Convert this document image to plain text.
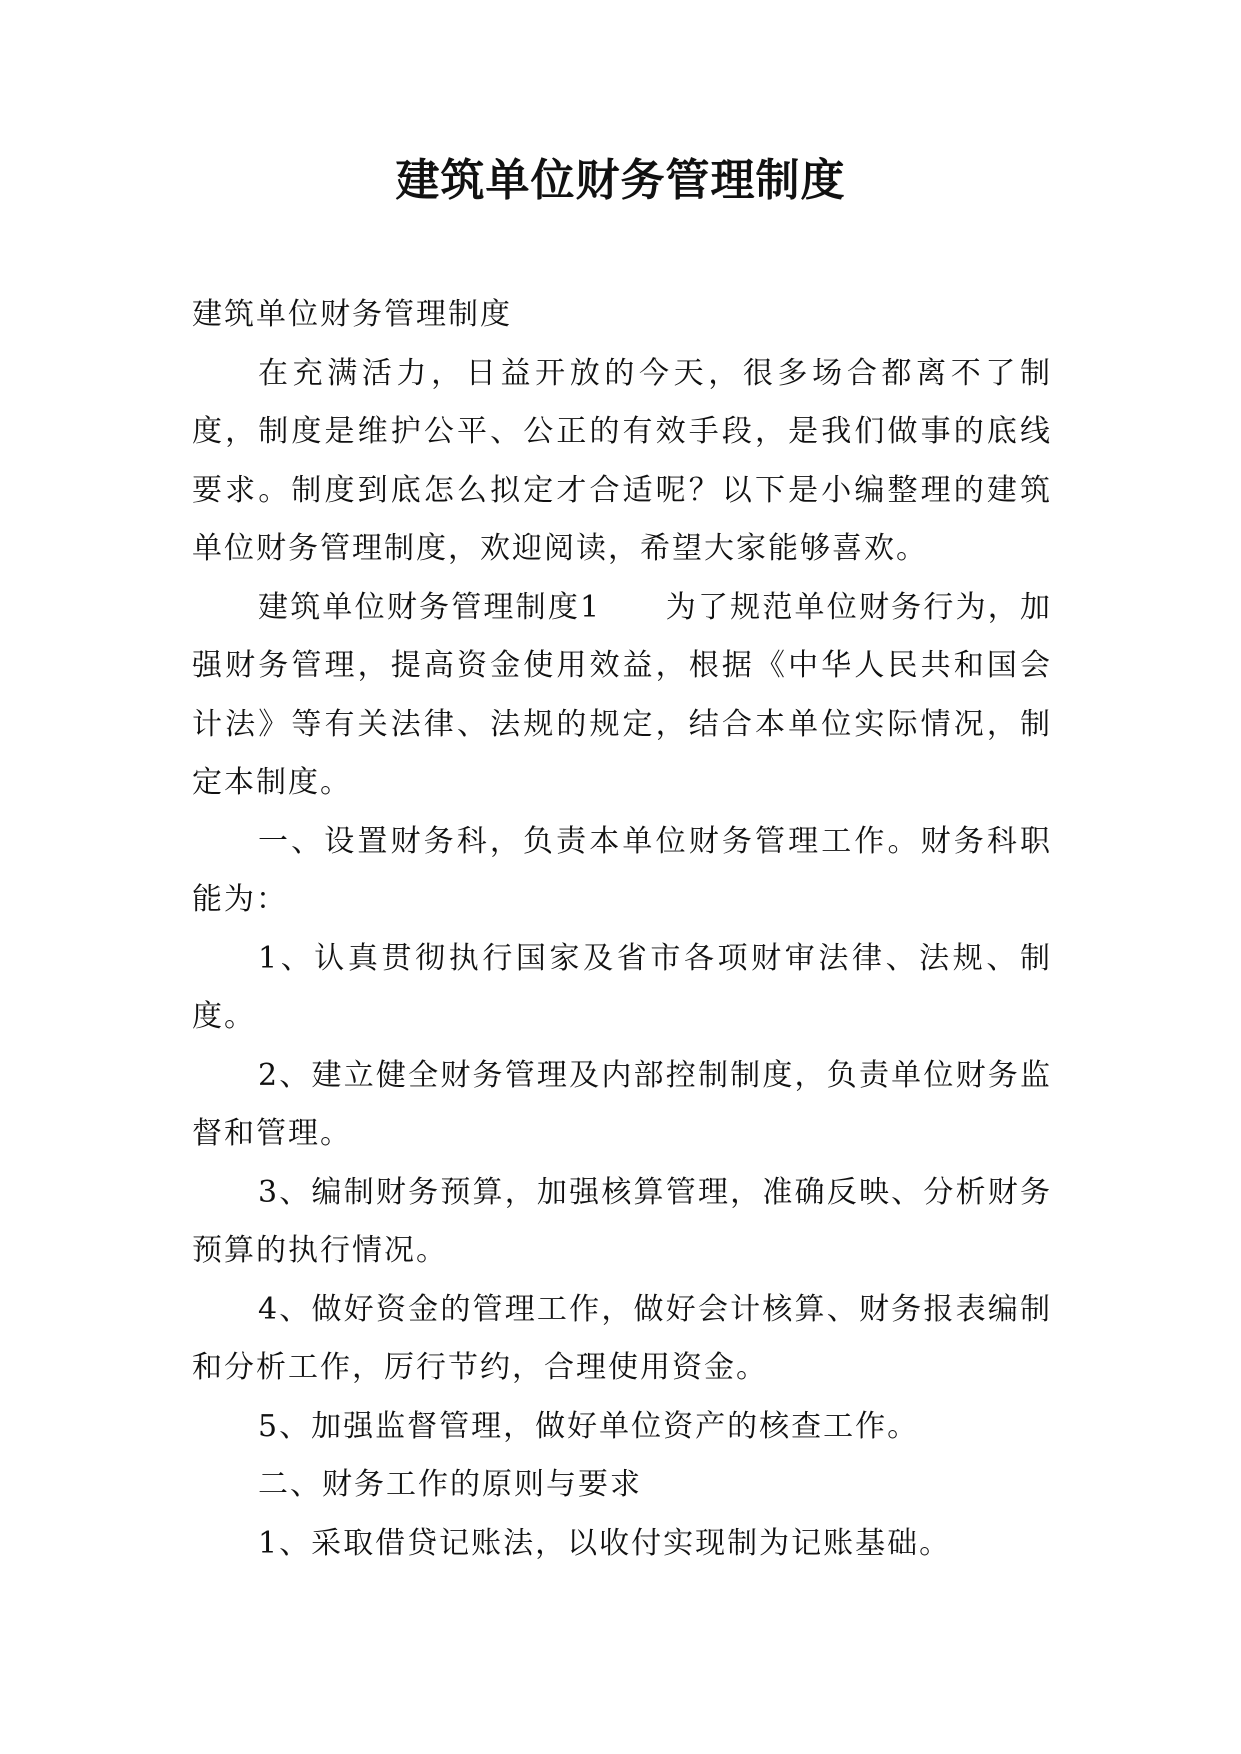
建筑单位财务管理制度

建筑单位财务管理制度

在充满活力，日益开放的今天，很多场合都离不了制度，制度是维护公平、公正的有效手段，是我们做事的底线要求。制度到底怎么拟定才合适呢？以下是小编整理的建筑单位财务管理制度，欢迎阅读，希望大家能够喜欢。

建筑单位财务管理制度1　　为了规范单位财务行为，加强财务管理，提高资金使用效益，根据《中华人民共和国会计法》等有关法律、法规的规定，结合本单位实际情况，制定本制度。

一、设置财务科，负责本单位财务管理工作。财务科职能为：

1、认真贯彻执行国家及省市各项财审法律、法规、制度。

2、建立健全财务管理及内部控制制度，负责单位财务监督和管理。

3、编制财务预算，加强核算管理，准确反映、分析财务预算的执行情况。

4、做好资金的管理工作，做好会计核算、财务报表编制和分析工作，厉行节约，合理使用资金。

5、加强监督管理，做好单位资产的核查工作。

二、财务工作的原则与要求

1、采取借贷记账法，以收付实现制为记账基础。
